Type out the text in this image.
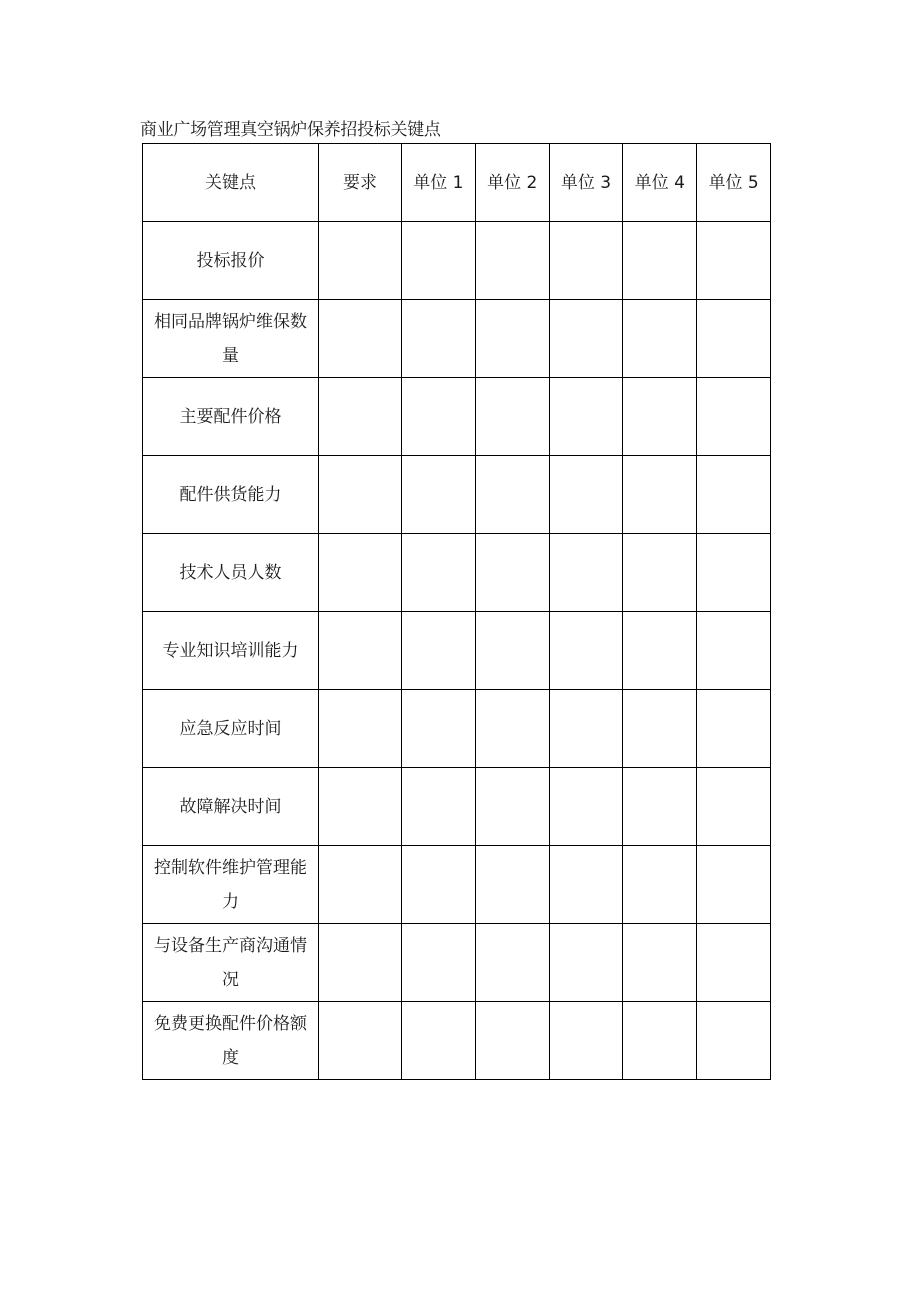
商业广场管理真空锅炉保养招投标关键点
关键点	要求	单位 1	单位 2	单位 3	单位 4	单位 5
投标报价						
相同品牌锅炉维保数量						
主要配件价格						
配件供货能力						
技术人员人数						
专业知识培训能力						
应急反应时间						
故障解决时间						
控制软件维护管理能力						
与设备生产商沟通情况						
免费更换配件价格额度						
